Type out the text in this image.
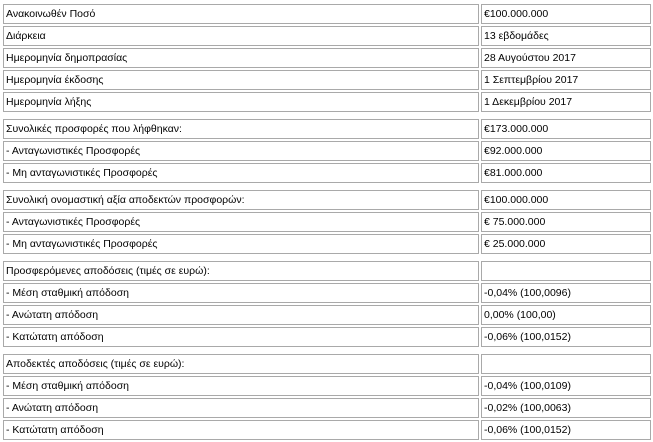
Ανακοινωθέν Ποσό	€100.000.000
Διάρκεια	13 εβδομάδες
Ημερομηνία δημοπρασίας	28 Αυγούστου 2017
Ημερομηνία έκδοσης	1 Σεπτεμβρίου 2017
Ημερομηνία λήξης	1 Δεκεμβρίου 2017

Συνολικές προσφορές που λήφθηκαν:	€173.000.000
- Ανταγωνιστικές Προσφορές	€92.000.000
- Μη ανταγωνιστικές Προσφορές	€81.000.000

Συνολική ονομαστική αξία αποδεκτών προσφορών:	€100.000.000
- Ανταγωνιστικές Προσφορές	€ 75.000.000
- Μη ανταγωνιστικές Προσφορές	€ 25.000.000

Προσφερόμενες αποδόσεις (τιμές σε ευρώ):	
- Μέση σταθμική απόδοση	-0,04% (100,0096)
- Ανώτατη απόδοση	0,00% (100,00)
- Κατώτατη απόδοση	-0,06% (100,0152)

Αποδεκτές αποδόσεις (τιμές σε ευρώ):	
- Μέση σταθμική απόδοση	-0,04% (100,0109)
- Ανώτατη απόδοση	-0,02% (100,0063)
- Κατώτατη απόδοση	-0,06% (100,0152)
